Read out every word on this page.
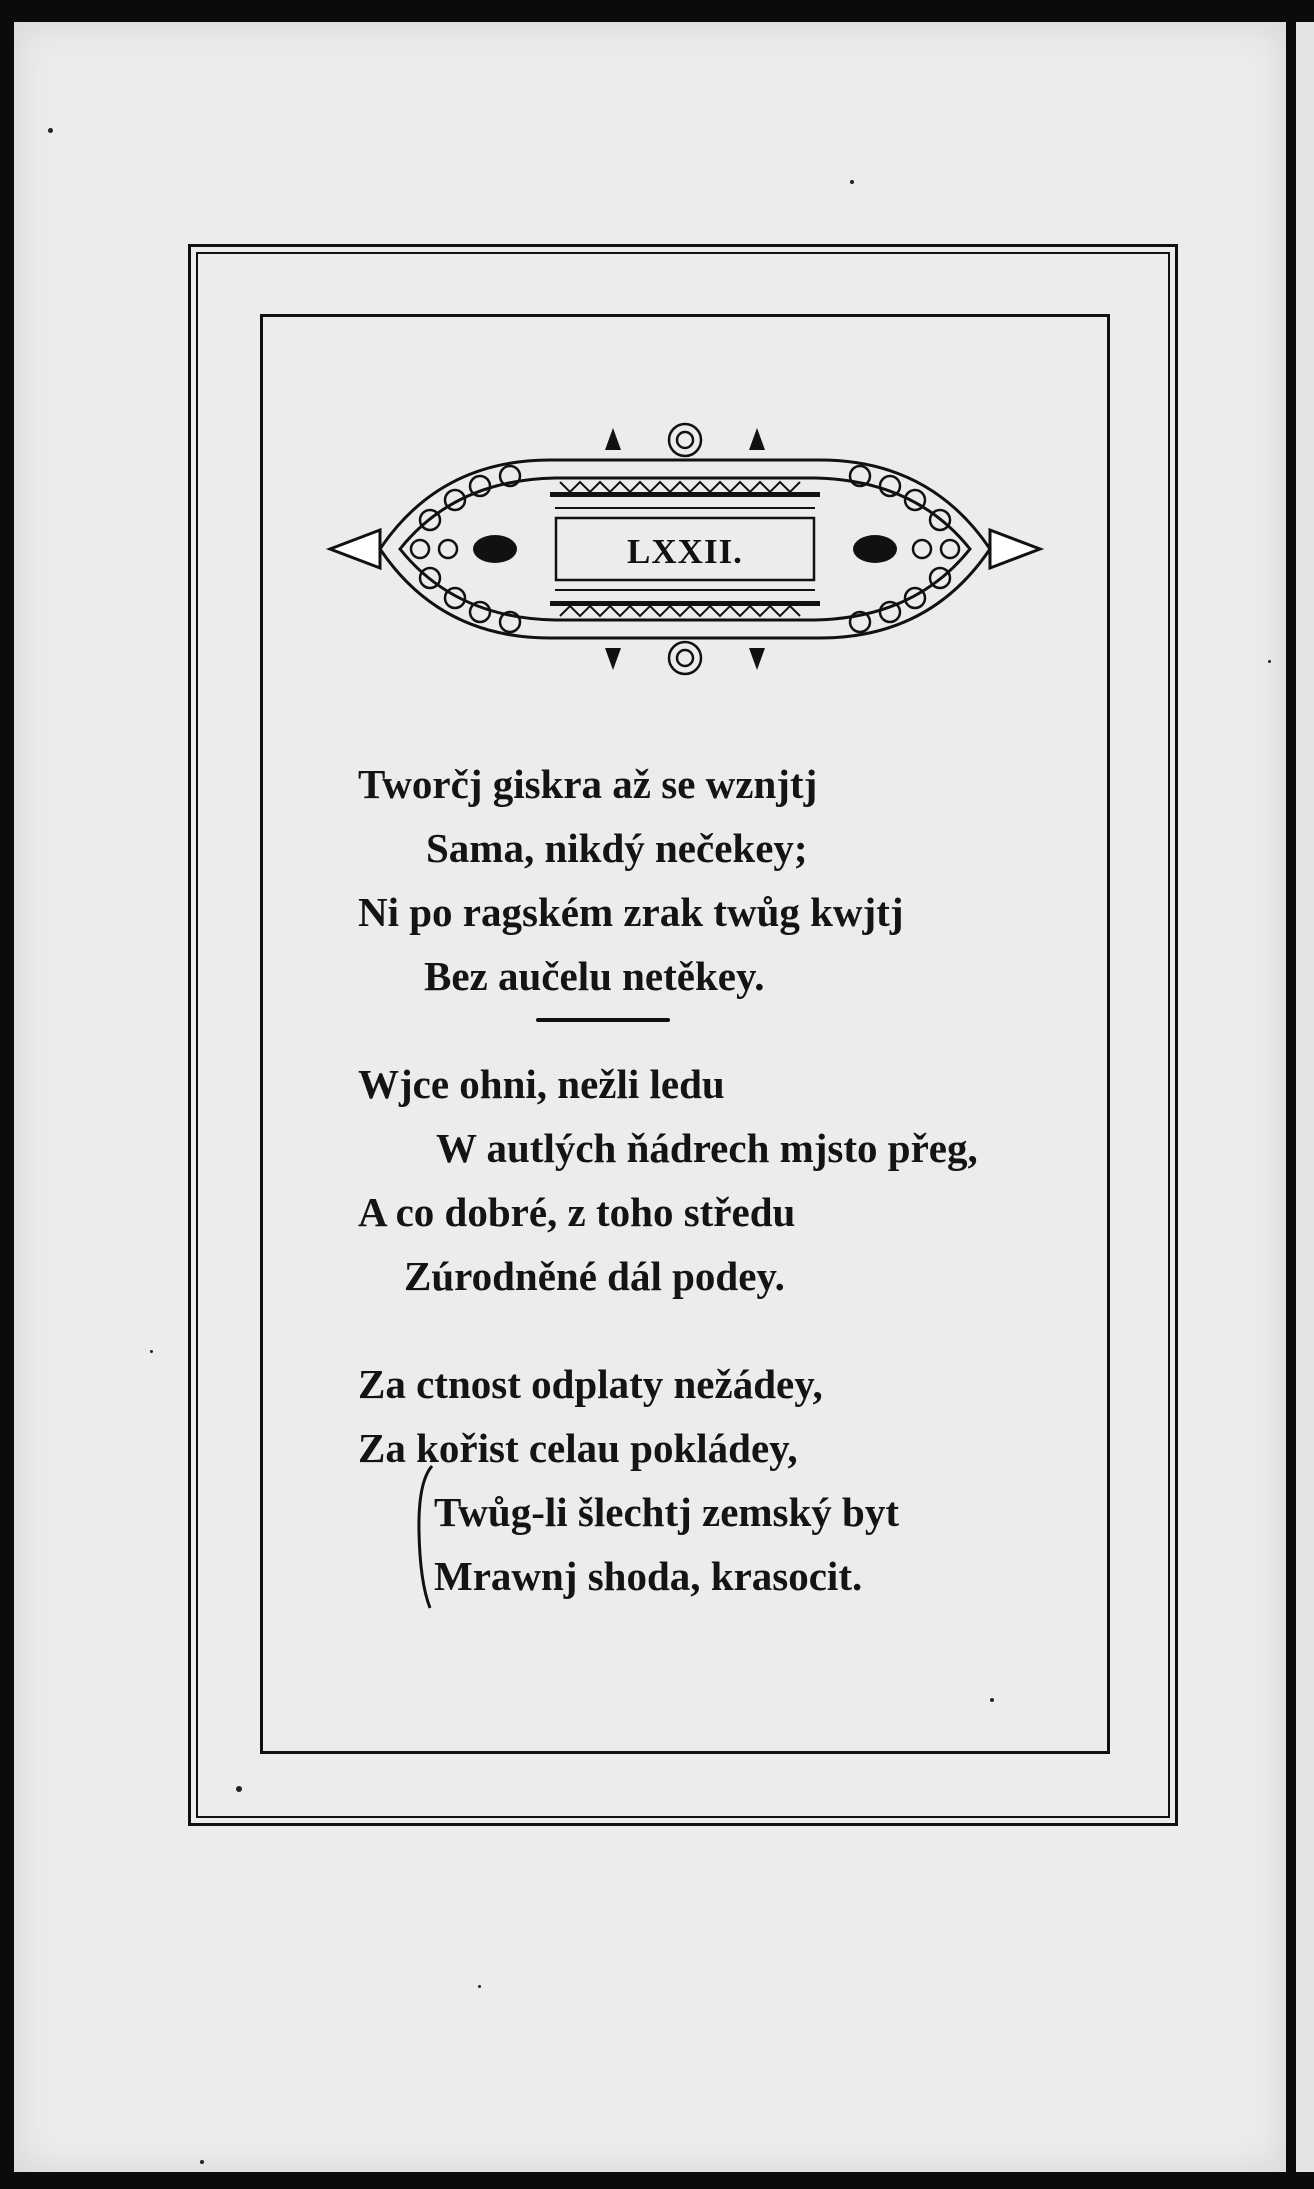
LXXII.
Tworčj giskra až se wznjtj
Sama, nikdý nečekey;
Ni po ragském zrak twůg kwjtj
Bez aučelu netěkey.
Wjce ohni, nežli ledu
W autlých ňádrech mjsto přeg,
A co dobré, z toho středu
Zúrodněné dál podey.
Za ctnost odplaty nežádey,
Za kořist celau pokládey,
Twůg-li šlechtj zemský byt
Mrawnj shoda, krasocit.
